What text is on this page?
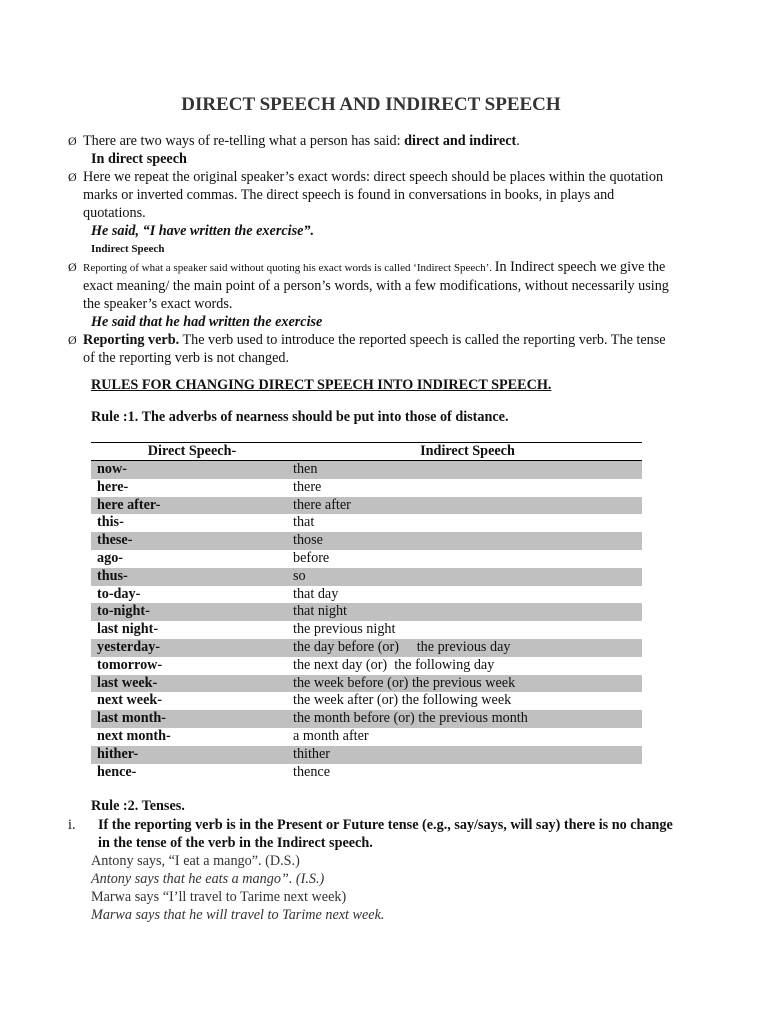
DIRECT SPEECH AND INDIRECT SPEECH
Ø There are two ways of re-telling what a person has said: direct and indirect.
In direct speech
Ø Here we repeat the original speaker’s exact words: direct speech should be places within the quotation marks or inverted commas. The direct speech is found in conversations in books, in plays and quotations.
He said, “I have written the exercise”.
Indirect Speech
Ø Reporting of what a speaker said without quoting his exact words is called ‘Indirect Speech’. In Indirect speech we give the exact meaning/ the main point of a person’s words, with a few modifications, without necessarily using the speaker’s exact words.
He said that he had written the exercise
Ø Reporting verb. The verb used to introduce the reported speech is called the reporting verb. The tense of the reporting verb is not changed.
RULES FOR CHANGING DIRECT SPEECH INTO INDIRECT SPEECH.
Rule :1. The adverbs of nearness should be put into those of distance.
Direct Speech-	Indirect Speech
now-	then
here-	there
here after-	there after
this-	that
these-	those
ago-	before
thus-	so
to-day-	that day
to-night-	that night
last night-	the previous night
yesterday-	the day before (or)     the previous day
tomorrow-	the next day (or)  the following day
last week-	the week before (or) the previous week
next week-	the week after (or) the following week
last month-	the month before (or) the previous month
next month-	a month after
hither-	thither
hence-	thence
Rule :2. Tenses.
i.	If the reporting verb is in the Present or Future tense (e.g., say/says, will say) there is no change in the tense of the verb in the Indirect speech.
Antony says, “I eat a mango”. (D.S.)
Antony says that he eats a mango”. (I.S.)
Marwa says “I’ll travel to Tarime next week)
Marwa says that he will travel to Tarime next week.
